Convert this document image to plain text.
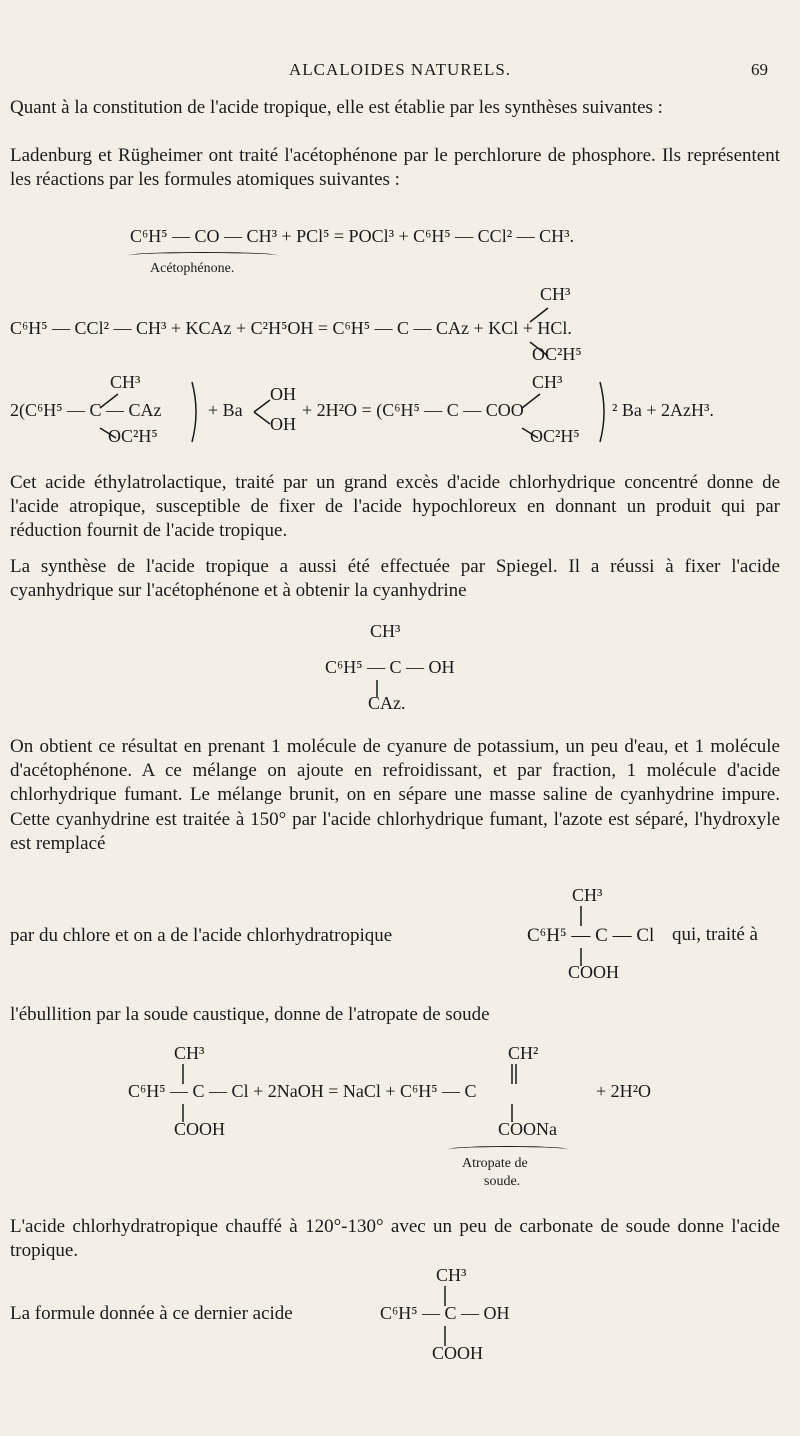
ALCALOIDES NATURELS.	69
Quant à la constitution de l'acide tropique, elle est établie par les synthèses suivantes :
Ladenburg et Rügheimer ont traité l'acétophénone par le perchlorure de phosphore. Ils représentent les réactions par les formules atomiques suivantes :
C⁶H⁵ — CO — CH³ + PCl⁵ = POCl³ + C⁶H⁵ — CCl² — CH³.
Acétophénone.
CH³
C⁶H⁵ — CCl² — CH³ + KCAz + C²H⁵OH = C⁶H⁵ — C — CAz + KCl + HCl.
OC²H⁵
CH³
2(C⁶H⁵ — C — CAz
OC²H⁵
+ Ba
OH
OH
+ 2H²O = (C⁶H⁵ — C — COO
CH³
OC²H⁵
² Ba + 2AzH³.
Cet acide éthylatrolactique, traité par un grand excès d'acide chlorhydrique concentré donne de l'acide atropique, susceptible de fixer de l'acide hypochloreux en donnant un produit qui par réduction fournit de l'acide tropique.
La synthèse de l'acide tropique a aussi été effectuée par Spiegel. Il a réussi à fixer l'acide cyanhydrique sur l'acétophénone et à obtenir la cyanhydrine
CH³
C⁶H⁵ — C — OH
CAz.
On obtient ce résultat en prenant 1 molécule de cyanure de potassium, un peu d'eau, et 1 molécule d'acétophénone. A ce mélange on ajoute en refroidissant, et par fraction, 1 molécule d'acide chlorhydrique fumant. Le mélange brunit, on en sépare une masse saline de cyanhydrine impure. Cette cyanhydrine est traitée à 150° par l'acide chlorhydrique fumant, l'azote est séparé, l'hydroxyle est remplacé
CH³
par du chlore et on a de l'acide chlorhydratropique	C⁶H⁵ — C — Cl qui, traité à
COOH
l'ébullition par la soude caustique, donne de l'atropate de soude
CH³	CH²
C⁶H⁵ — C — Cl + 2NaOH = NaCl + C⁶H⁵ — C	+ 2H²O
COOH	COONa
Atropate de
soude.
L'acide chlorhydratropique chauffé à 120°-130° avec un peu de carbonate de soude donne l'acide tropique.
CH³
La formule donnée à ce dernier acide	C⁶H⁵ — C — OH
COOH
